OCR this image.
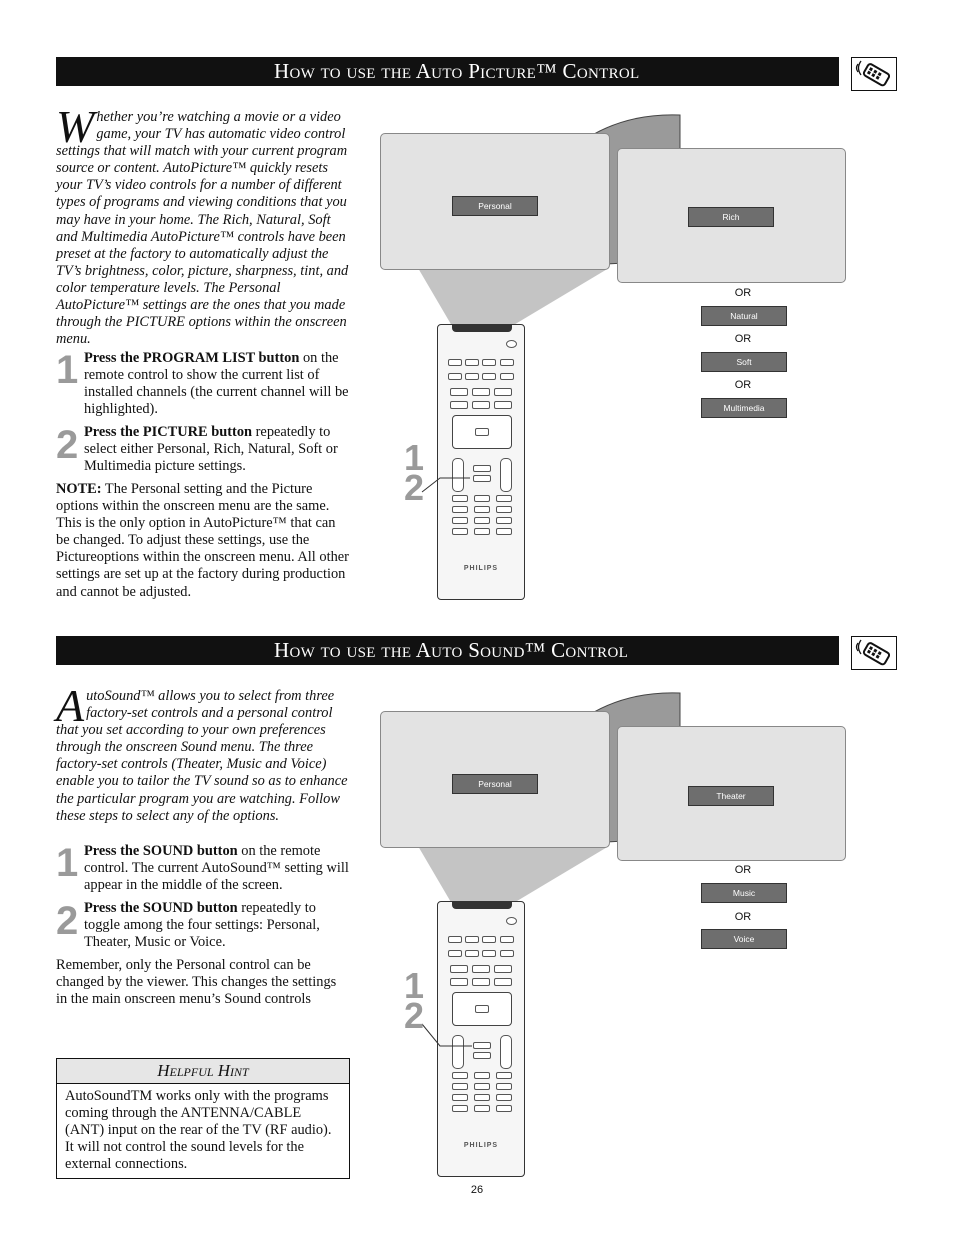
How to use the Auto Picture™ Control
Whether you’re watching a movie or a video game, your TV has automatic video control settings that will match with your current program source or content. AutoPicture™ quickly resets your TV’s video controls for a number of different types of programs and viewing conditions that you may have in your home. The Rich, Natural, Soft and Multimedia AutoPicture™ controls have been preset at the factory to automatically adjust the TV’s brightness, color, picture, sharpness, tint, and color temperature levels. The Personal AutoPicture™ settings are the ones that you made through the PICTURE options within the onscreen menu.
1 Press the PROGRAM LIST button on the remote control to show the current list of installed channels (the current channel will be highlighted).
2 Press the PICTURE button repeatedly to select either Personal, Rich, Natural, Soft or Multimedia picture settings.
NOTE: The Personal setting and the Picture options within the onscreen menu are the same. This is the only option in AutoPicture™ that can be changed. To adjust these settings, use the Pictureoptions within the onscreen menu. All other settings are set up at the factory during production and cannot be adjusted.
Personal
Rich
OR
Natural
OR
Soft
OR
Multimedia
PHILIPS
1
2
How to use the Auto Sound™ Control
AutoSound™ allows you to select from three factory-set controls and a personal control that you set according to your own preferences through the onscreen Sound menu. The three factory-set controls (Theater, Music and Voice) enable you to tailor the TV sound so as to enhance the particular program you are watching. Follow these steps to select any of the options.
1 Press the SOUND button on the remote control. The current AutoSound™ setting will appear in the middle of the screen.
2 Press the SOUND button repeatedly to toggle among the four settings: Personal, Theater, Music or Voice.
Remember, only the Personal control can be changed by the viewer. This changes the settings in the main onscreen menu’s Sound controls
Personal
Theater
OR
Music
OR
Voice
PHILIPS
1
2
Helpful Hint
AutoSoundTM works only with the programs coming through the ANTENNA/CABLE (ANT) input on the rear of the TV (RF audio). It will not control the sound levels for the external connections.
26
